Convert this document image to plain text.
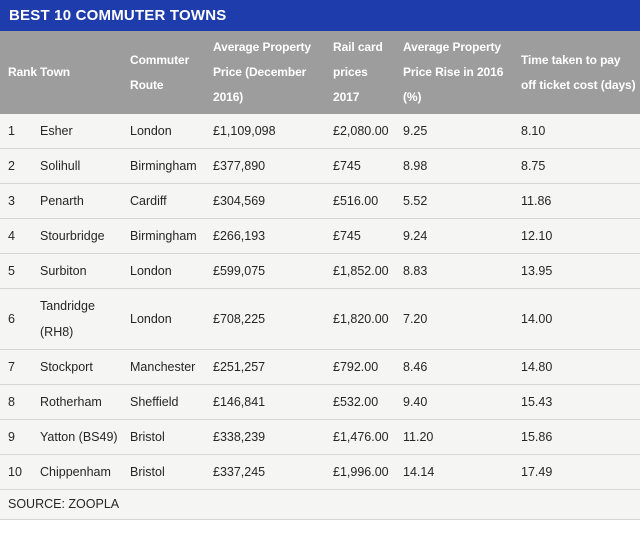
BEST 10 COMMUTER TOWNS
Rank	Town	Commuter Route	Average Property Price (December 2016)	Rail card prices 2017	Average Property Price Rise in 2016 (%)	Time taken to pay off ticket cost (days)
1	Esher	London	£1,109,098	£2,080.00	9.25	8.10
2	Solihull	Birmingham	£377,890	£745	8.98	8.75
3	Penarth	Cardiff	£304,569	£516.00	5.52	11.86
4	Stourbridge	Birmingham	£266,193	£745	9.24	12.10
5	Surbiton	London	£599,075	£1,852.00	8.83	13.95
6	Tandridge (RH8)	London	£708,225	£1,820.00	7.20	14.00
7	Stockport	Manchester	£251,257	£792.00	8.46	14.80
8	Rotherham	Sheffield	£146,841	£532.00	9.40	15.43
9	Yatton (BS49)	Bristol	£338,239	£1,476.00	11.20	15.86
10	Chippenham	Bristol	£337,245	£1,996.00	14.14	17.49
SOURCE: ZOOPLA						
